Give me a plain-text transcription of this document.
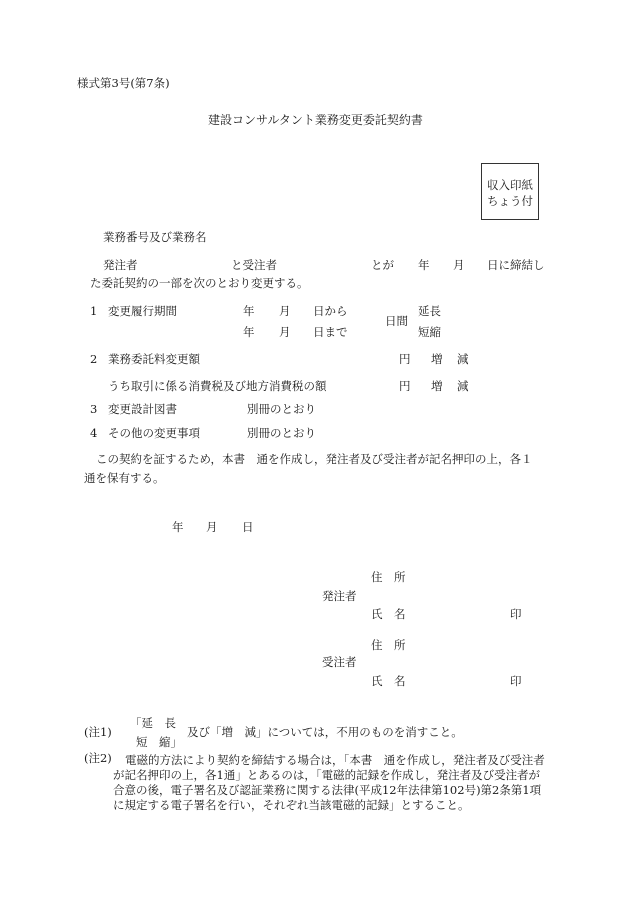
様式第3号(第7条)
建設コンサルタント業務変更委託契約書
収入印紙
ちょう付
業務番号及び業務名
発注者	と受注者	とが 年 月 日に締結し
た委託契約の一部を次のとおり変更する。
1 変更履行期間	年 月 日から	延長
日間
年 月 日まで	短縮
2 業務委託料変更額	円 増 減
うち取引に係る消費税及び地方消費税の額	円 増 減
3 変更設計図書	別冊のとおり
4 その他の変更事項	別冊のとおり
この契約を証するため，本書　通を作成し，発注者及び受注者が記名押印の上，各１
通を保有する。
年 月 日
住　所
発注者
氏　名	印
住　所
受注者
氏　名	印
(注1)
「延　長
短　縮」
及び「増　減」については，不用のものを消すこと。
(注2)	電磁的方法により契約を締結する場合は，「本書　通を作成し，発注者及び受注者が記名押印の上，各1通」とあるのは，「電磁的記録を作成し，発注者及び受注者が合意の後，電子署名及び認証業務に関する法律(平成12年法律第102号)第2条第1項に規定する電子署名を行い，それぞれ当該電磁的記録」とすること。
